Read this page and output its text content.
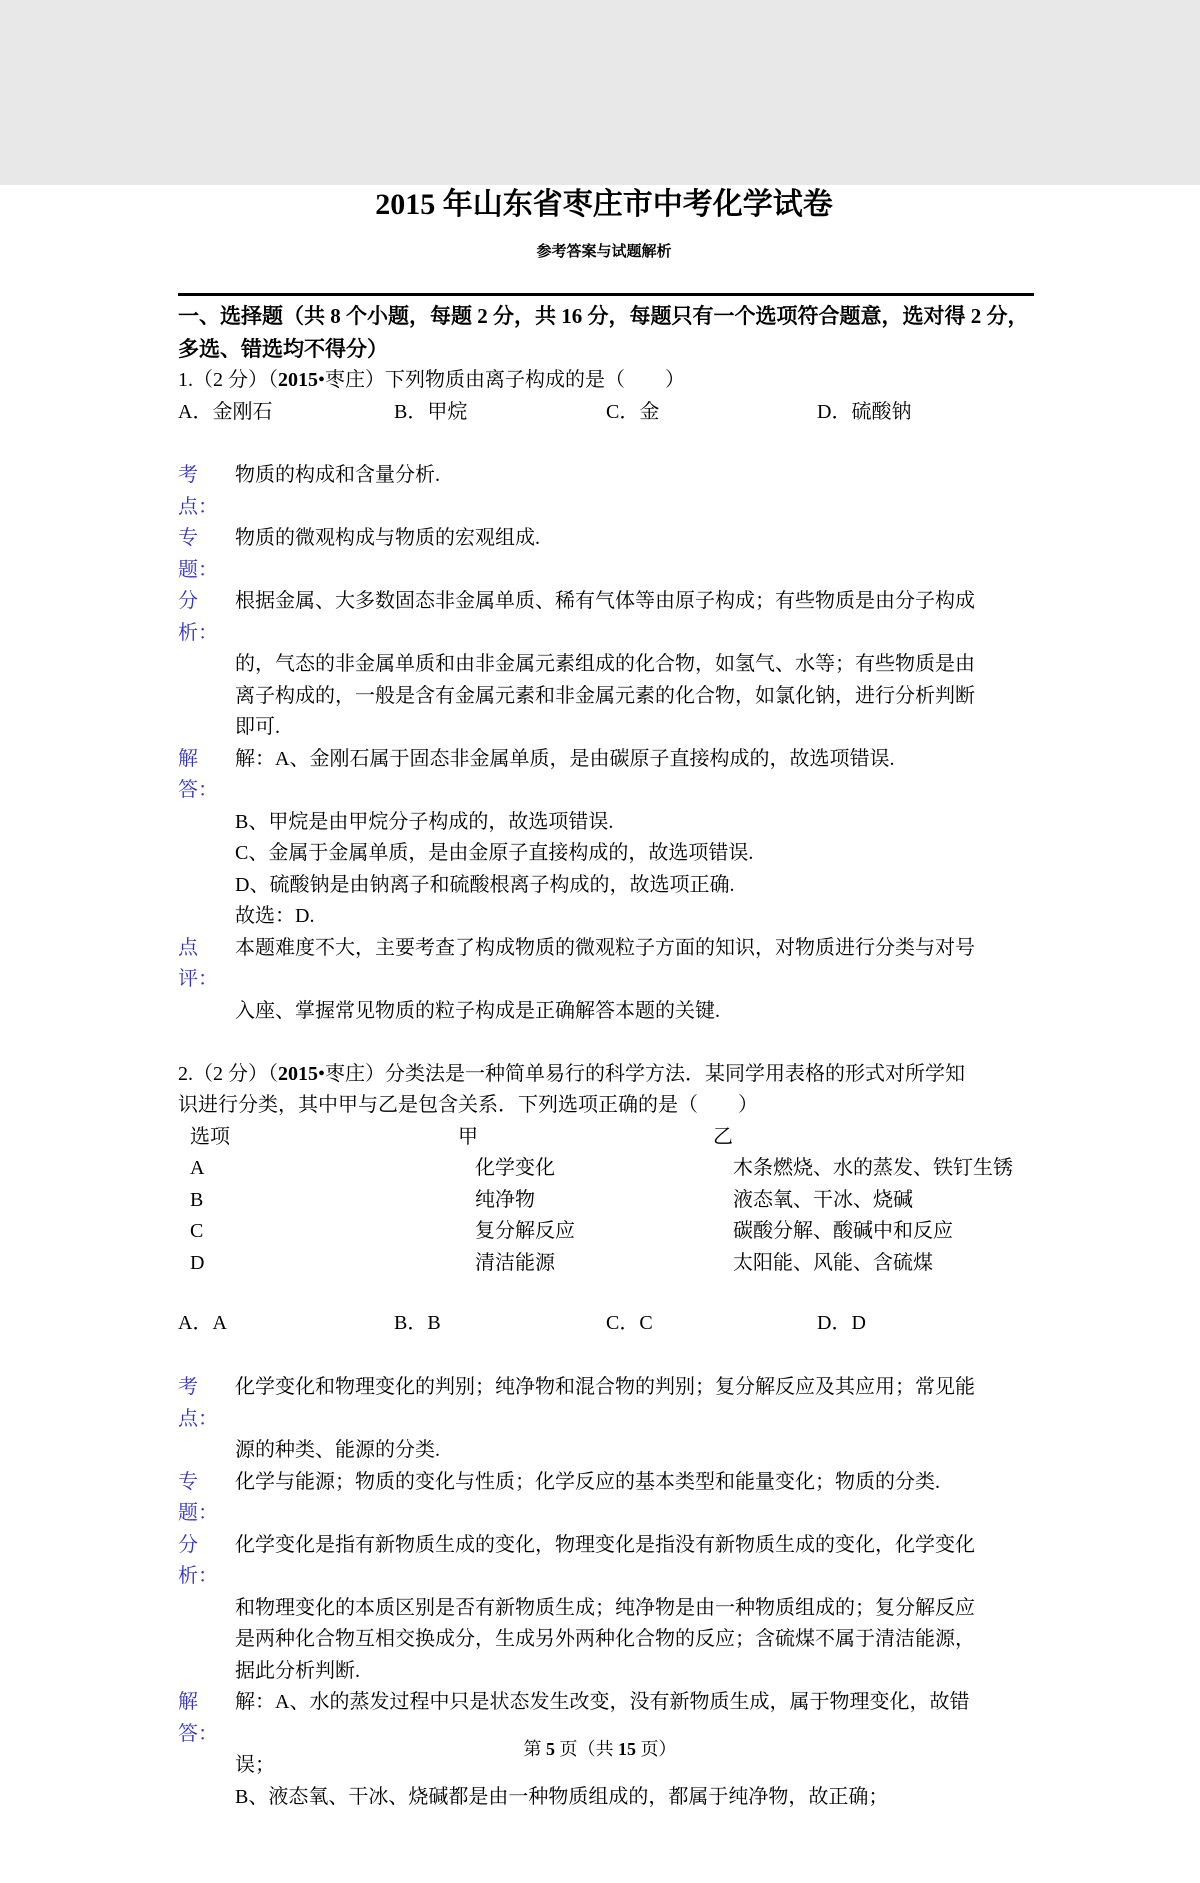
2015 年山东省枣庄市中考化学试卷
参考答案与试题解析
一、选择题（共 8 个小题，每题 2 分，共 16 分，每题只有一个选项符合题意，选对得 2 分，
多选、错选均不得分）
1.（2 分）（2015•枣庄）下列物质由离子构成的是（　　）
A．金刚石	B．甲烷	C．金	D．硫酸钠
考点：
物质的构成和含量分析.
专题：
物质的微观构成与物质的宏观组成.
分析：
根据金属、大多数固态非金属单质、稀有气体等由原子构成；有些物质是由分子构成
的，气态的非金属单质和由非金属元素组成的化合物，如氢气、水等；有些物质是由
离子构成的，一般是含有金属元素和非金属元素的化合物，如氯化钠，进行分析判断
即可.
解答：
解：A、金刚石属于固态非金属单质，是由碳原子直接构成的，故选项错误.
B、甲烷是由甲烷分子构成的，故选项错误.
C、金属于金属单质，是由金原子直接构成的，故选项错误.
D、硫酸钠是由钠离子和硫酸根离子构成的，故选项正确.
故选：D.
点评：
本题难度不大，主要考查了构成物质的微观粒子方面的知识，对物质进行分类与对号
入座、掌握常见物质的粒子构成是正确解答本题的关键.
2.（2 分）（2015•枣庄）分类法是一种简单易行的科学方法．某同学用表格的形式对所学知
识进行分类，其中甲与乙是包含关系．下列选项正确的是（　　）
选项	甲	乙
A	化学变化	木条燃烧、水的蒸发、铁钉生锈
B	纯净物	液态氧、干冰、烧碱
C	复分解反应	碳酸分解、酸碱中和反应
D	清洁能源	太阳能、风能、含硫煤
A．A	B．B	C．C	D．D
考点：
化学变化和物理变化的判别；纯净物和混合物的判别；复分解反应及其应用；常见能
源的种类、能源的分类.
专题：
化学与能源；物质的变化与性质；化学反应的基本类型和能量变化；物质的分类.
分析：
化学变化是指有新物质生成的变化，物理变化是指没有新物质生成的变化，化学变化
和物理变化的本质区别是否有新物质生成；纯净物是由一种物质组成的；复分解反应
是两种化合物互相交换成分，生成另外两种化合物的反应；含硫煤不属于清洁能源，
据此分析判断.
解答：
解：A、水的蒸发过程中只是状态发生改变，没有新物质生成，属于物理变化，故错
误；
B、液态氧、干冰、烧碱都是由一种物质组成的，都属于纯净物，故正确；
第 5 页（共 15 页）
